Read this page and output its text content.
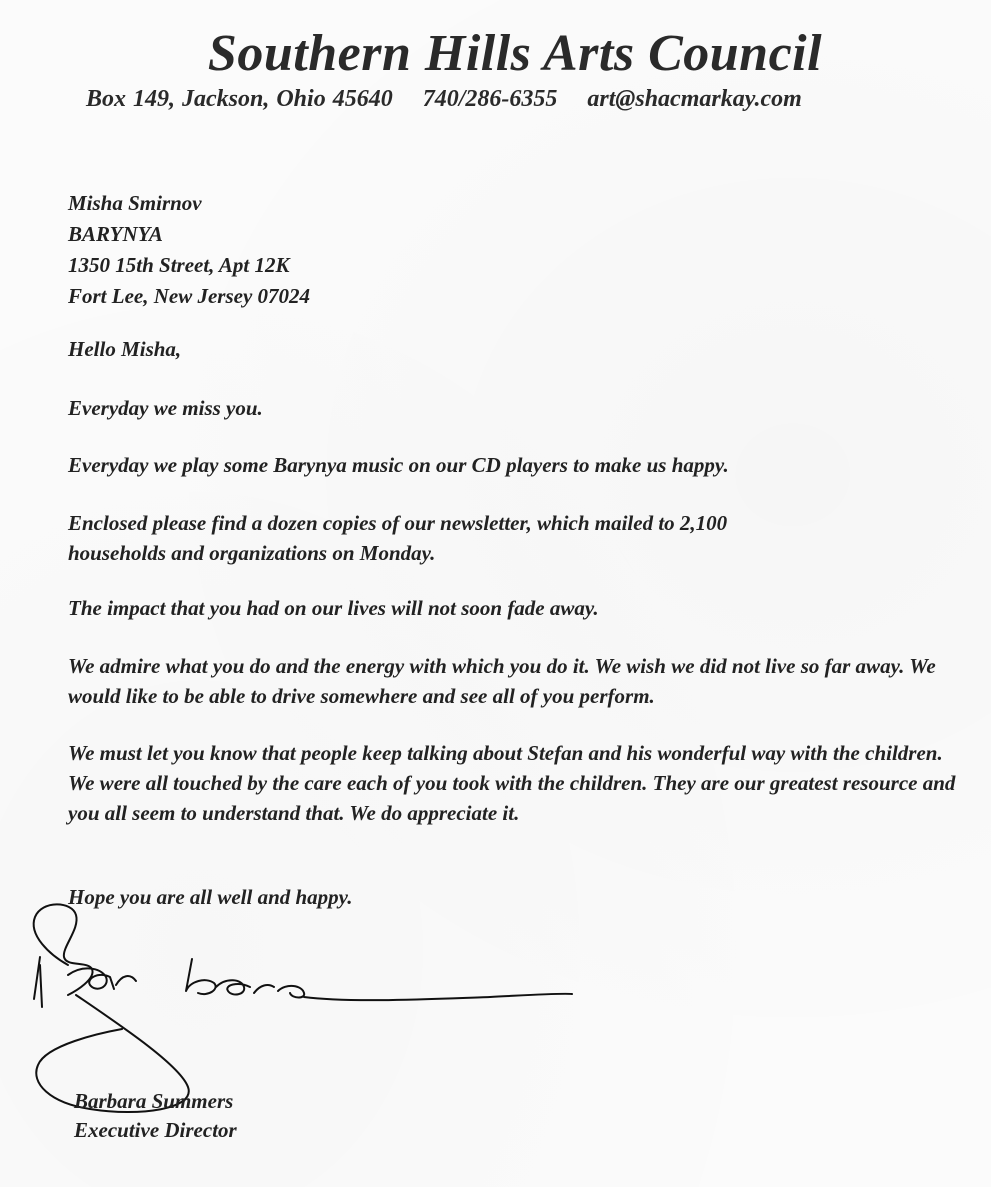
Southern Hills Arts Council
Box 149, Jackson, Ohio 45640 740/286-6355 art@shacmarkay.com
Misha Smirnov
BARYNYA
1350 15th Street, Apt 12K
Fort Lee, New Jersey 07024

Hello Misha,

Everyday we miss you.

Everyday we play some Barynya music on our CD players to make us happy.

Enclosed please find a dozen copies of our newsletter, which mailed to 2,100 households and organizations on Monday.

The impact that you had on our lives will not soon fade away.

We admire what you do and the energy with which you do it. We wish we did not live so far away. We would like to be able to drive somewhere and see all of you perform.

We must let you know that people keep talking about Stefan and his wonderful way with the children. We were all touched by the care each of you took with the children. They are our greatest resource and you all seem to understand that. We do appreciate it.

Hope you are all well and happy.

Barbara Summers
Executive Director
